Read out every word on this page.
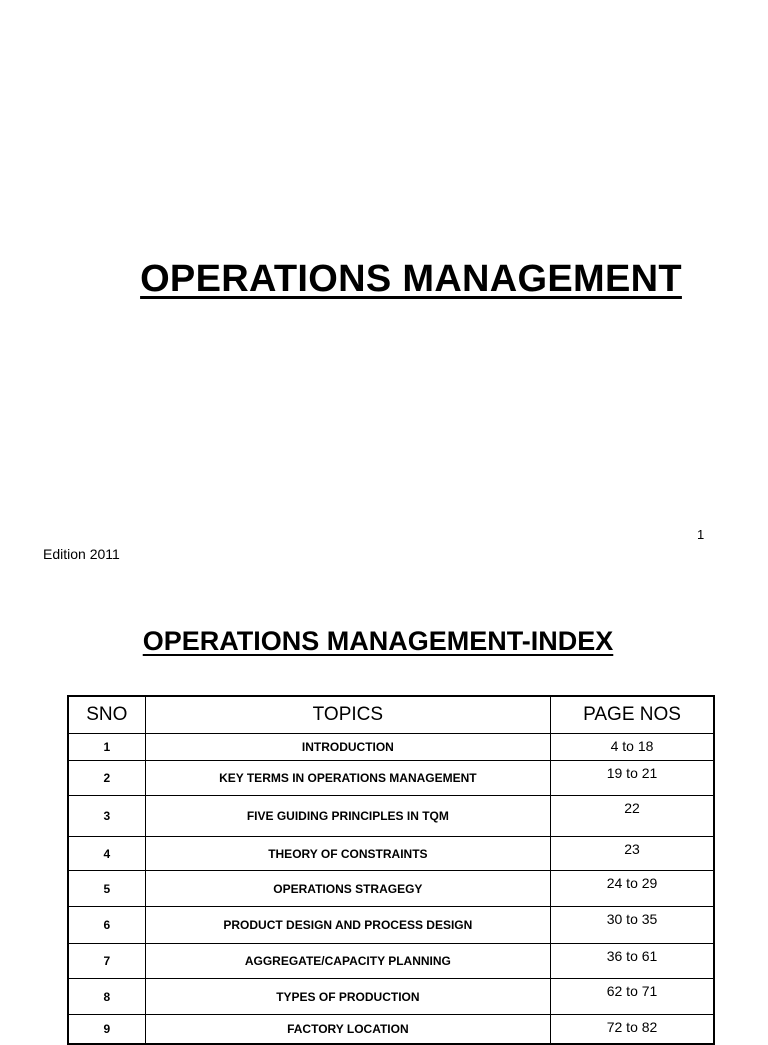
OPERATIONS MANAGEMENT
1
Edition 2011
OPERATIONS MANAGEMENT-INDEX
SNO	TOPICS	PAGE NOS
1	INTRODUCTION	4 to 18
2	KEY TERMS IN OPERATIONS MANAGEMENT	19 to 21
3	FIVE GUIDING PRINCIPLES IN TQM	22
4	THEORY OF CONSTRAINTS	23
5	OPERATIONS STRAGEGY	24 to 29
6	PRODUCT DESIGN AND PROCESS DESIGN	30 to 35
7	AGGREGATE/CAPACITY PLANNING	36 to 61
8	TYPES OF PRODUCTION	62 to 71
9	FACTORY LOCATION	72 to 82
